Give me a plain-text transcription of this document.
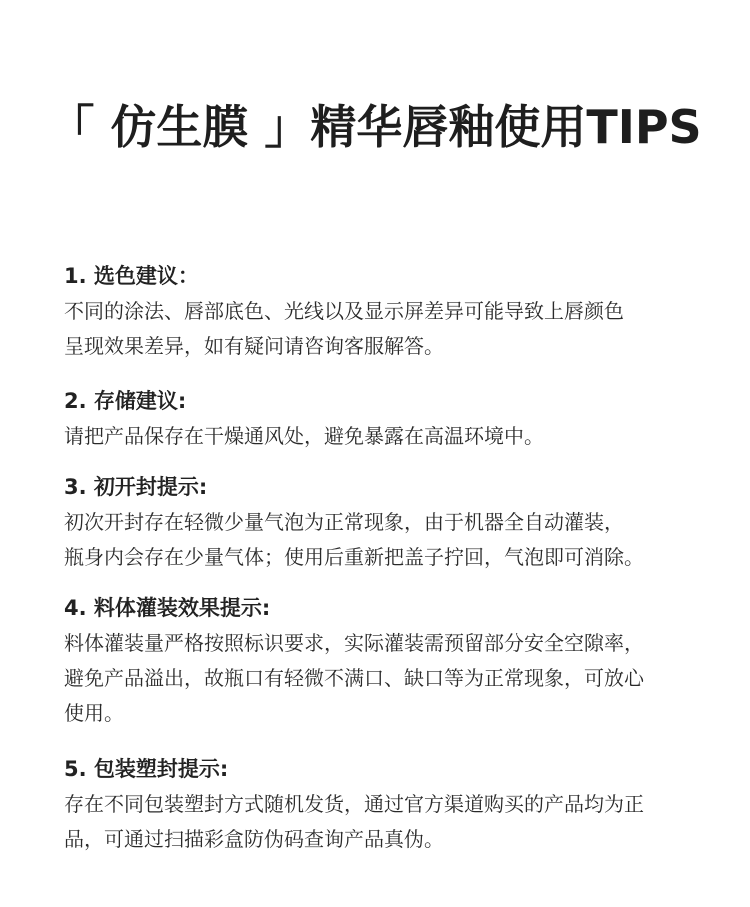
「 仿生膜 」精华唇釉使用TIPS
1. 选色建议：
不同的涂法、唇部底色、光线以及显示屏差异可能导致上唇颜色
呈现效果差异，如有疑问请咨询客服解答。
2. 存储建议:
请把产品保存在干燥通风处，避免暴露在高温环境中。
3. 初开封提示:
初次开封存在轻微少量气泡为正常现象，由于机器全自动灌装，
瓶身内会存在少量气体；使用后重新把盖子拧回，气泡即可消除。
4. 料体灌装效果提示:
料体灌装量严格按照标识要求，实际灌装需预留部分安全空隙率，
避免产品溢出，故瓶口有轻微不满口、缺口等为正常现象，可放心
使用。
5. 包装塑封提示:
存在不同包装塑封方式随机发货，通过官方渠道购买的产品均为正
品，可通过扫描彩盒防伪码查询产品真伪。
